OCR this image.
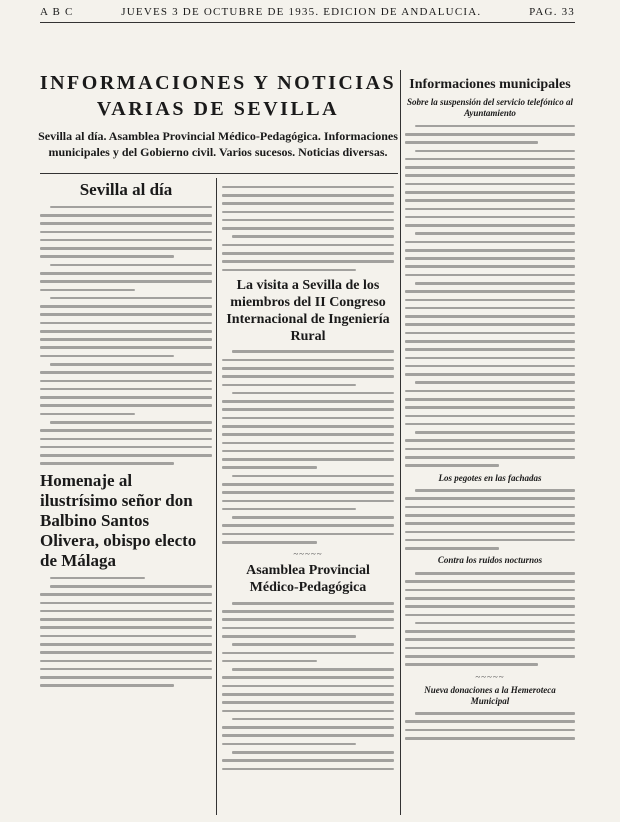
A B C	JUEVES 3 DE OCTUBRE DE 1935. EDICION DE ANDALUCIA.	PAG. 33
INFORMACIONES Y NOTICIAS
VARIAS DE SEVILLA
Sevilla al día. Asamblea Provincial Médico-Pedagógica. Informaciones municipales y del Gobierno civil. Varios sucesos. Noticias diversas.
Sevilla al día
Homenaje al ilustrísimo señor don Balbino Santos Olivera, obispo electo de Málaga
La visita a Sevilla de los miembros del II Congreso Internacional de Ingeniería Rural
~~~~~
Asamblea Provincial Médico-Pedagógica
Informaciones municipales
Sobre la suspensión del servicio telefónico al Ayuntamiento
Los pegotes en las fachadas
Contra los ruidos nocturnos
~~~~~
Nueva donaciones a la Hemeroteca Municipal
